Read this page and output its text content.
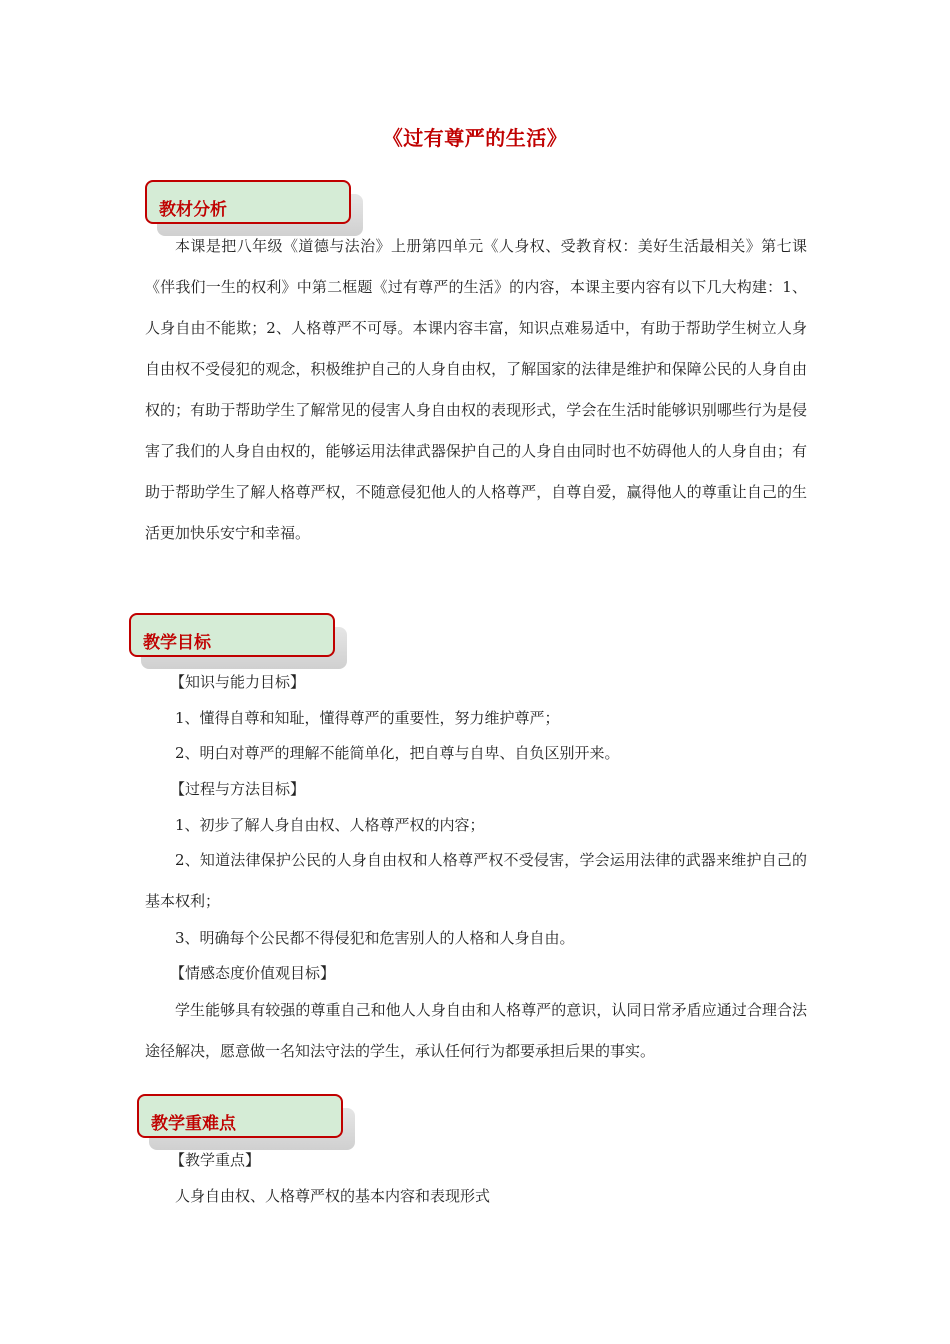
《过有尊严的生活》
教材分析

本课是把八年级《道德与法治》上册第四单元《人身权、受教育权：美好生活最相关》第七课《伴我们一生的权利》中第二框题《过有尊严的生活》的内容，本课主要内容有以下几大构建：1、人身自由不能欺；2、人格尊严不可辱。本课内容丰富，知识点难易适中，有助于帮助学生树立人身自由权不受侵犯的观念，积极维护自己的人身自由权，了解国家的法律是维护和保障公民的人身自由权的；有助于帮助学生了解常见的侵害人身自由权的表现形式，学会在生活时能够识别哪些行为是侵害了我们的人身自由权的，能够运用法律武器保护自己的人身自由同时也不妨碍他人的人身自由；有助于帮助学生了解人格尊严权，不随意侵犯他人的人格尊严，自尊自爱，赢得他人的尊重让自己的生活更加快乐安宁和幸福。

教学目标

【知识与能力目标】

1、懂得自尊和知耻，懂得尊严的重要性，努力维护尊严；

2、明白对尊严的理解不能简单化，把自尊与自卑、自负区别开来。

【过程与方法目标】

1、初步了解人身自由权、人格尊严权的内容；

2、知道法律保护公民的人身自由权和人格尊严权不受侵害，学会运用法律的武器来维护自己的基本权利；

3、明确每个公民都不得侵犯和危害别人的人格和人身自由。

【情感态度价值观目标】

学生能够具有较强的尊重自己和他人人身自由和人格尊严的意识，认同日常矛盾应通过合理合法途径解决，愿意做一名知法守法的学生，承认任何行为都要承担后果的事实。

教学重难点

【教学重点】

人身自由权、人格尊严权的基本内容和表现形式
